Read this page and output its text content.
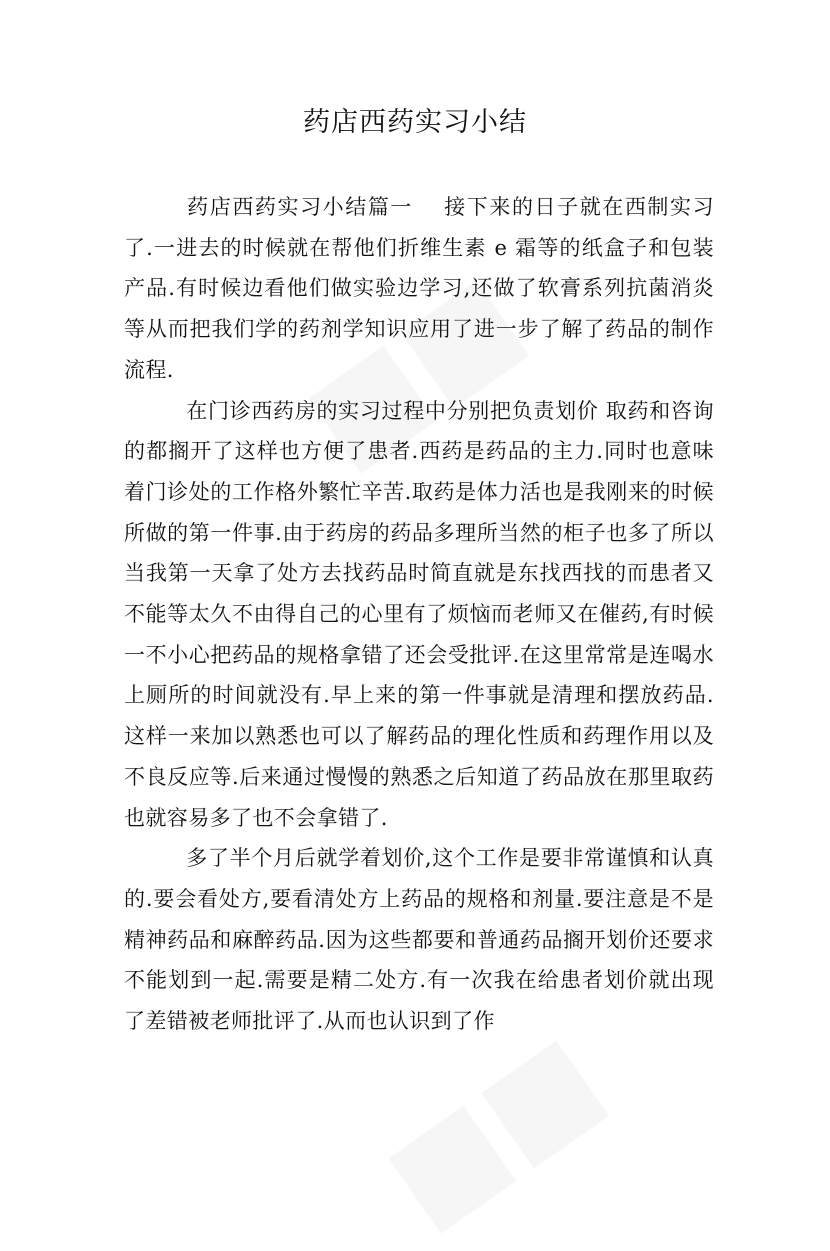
药店西药实习小结

药店西药实习小结篇一 接下来的日子就在西制实习了.一进去的时候就在帮他们折维生素 e 霜等的纸盒子和包装产品.有时候边看他们做实验边学习,还做了软膏系列抗菌消炎等从而把我们学的药剂学知识应用了进一步了解了药品的制作流程.

在门诊西药房的实习过程中分别把负责划价 取药和咨询的都搁开了这样也方便了患者.西药是药品的主力.同时也意味着门诊处的工作格外繁忙辛苦.取药是体力活也是我刚来的时候所做的第一件事.由于药房的药品多理所当然的柜子也多了所以当我第一天拿了处方去找药品时简直就是东找西找的而患者又不能等太久不由得自己的心里有了烦恼而老师又在催药,有时候一不小心把药品的规格拿错了还会受批评.在这里常常是连喝水上厕所的时间就没有.早上来的第一件事就是清理和摆放药品.这样一来加以熟悉也可以了解药品的理化性质和药理作用以及不良反应等.后来通过慢慢的熟悉之后知道了药品放在那里取药也就容易多了也不会拿错了.

多了半个月后就学着划价,这个工作是要非常谨慎和认真的.要会看处方,要看清处方上药品的规格和剂量.要注意是不是精神药品和麻醉药品.因为这些都要和普通药品搁开划价还要求不能划到一起.需要是精二处方.有一次我在给患者划价就出现了差错被老师批评了.从而也认识到了作
